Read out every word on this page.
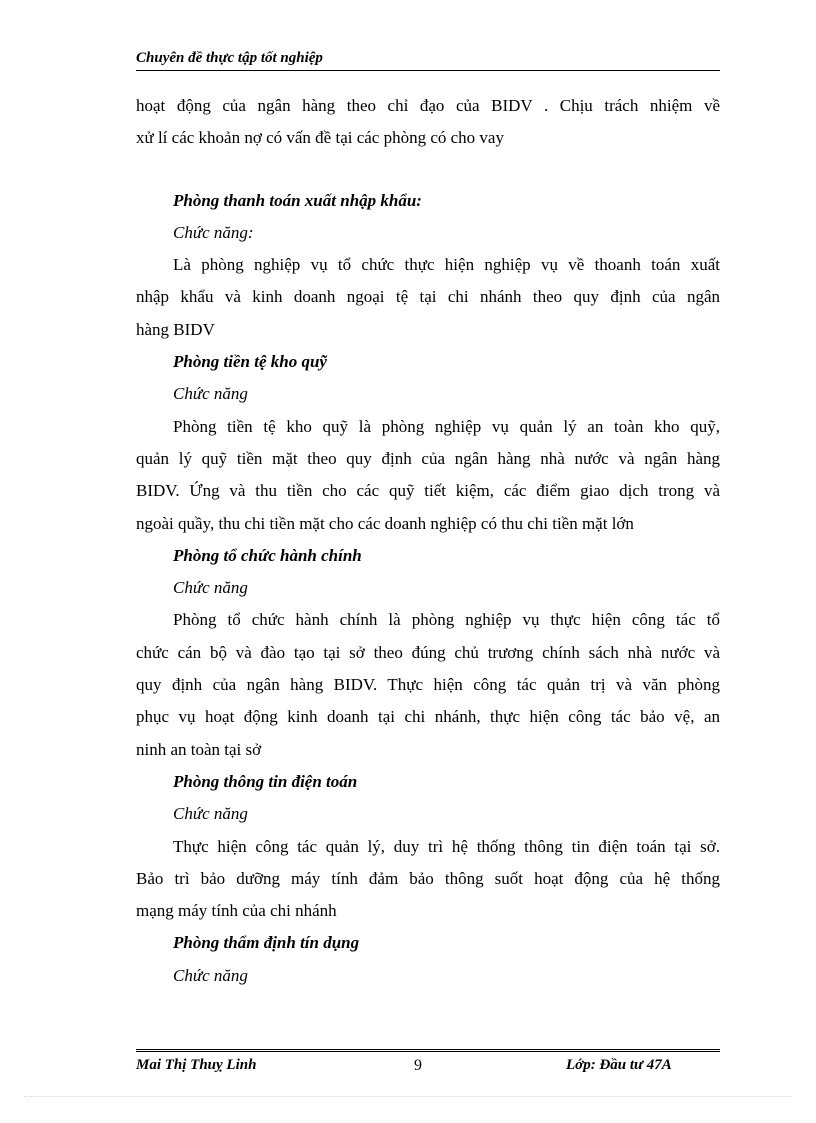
Chuyên đề thực tập tốt nghiệp
hoạt động của ngân hàng theo chỉ đạo của BIDV . Chịu trách nhiệm về
xử lí các khoản nợ có vấn đề tại các phòng có cho vay
Phòng thanh toán xuất nhập khẩu:
Chức năng:
Là phòng nghiệp vụ tổ chức thực hiện nghiệp vụ về thoanh toán xuất
nhập khẩu và kinh doanh ngoại tệ tại chi nhánh theo quy định của ngân
hàng BIDV
Phòng tiền tệ kho quỹ
Chức năng
Phòng tiền tệ kho quỹ là phòng nghiệp vụ quản lý an toàn kho quỹ,
quản lý quỹ tiền mặt theo quy định của ngân hàng nhà nước và ngân hàng
BIDV. Ứng và thu tiền cho các quỹ tiết kiệm, các điểm giao dịch trong và
ngoài quầy, thu chi tiền mặt cho các doanh nghiệp có thu chi tiền mặt lớn
Phòng tổ chức hành chính
Chức năng
Phòng tổ chức hành chính là phòng nghiệp vụ thực hiện công tác tổ
chức cán bộ và đào tạo tại sở theo đúng chủ trương chính sách nhà nước và
quy định của ngân hàng BIDV. Thực hiện công tác quản trị và văn phòng
phục vụ hoạt động kinh doanh tại chi nhánh, thực hiện công tác bảo vệ, an
ninh an toàn tại sở
Phòng thông tin điện toán
Chức năng
Thực hiện công tác quản lý, duy trì hệ thống thông tin điện toán tại sở.
Bảo trì bảo dưỡng máy tính đảm bảo thông suốt hoạt động của hệ thống
mạng máy tính của chi nhánh
Phòng thẩm định tín dụng
Chức năng
Mai Thị Thuỵ Linh	9	Lớp: Đầu tư 47A
